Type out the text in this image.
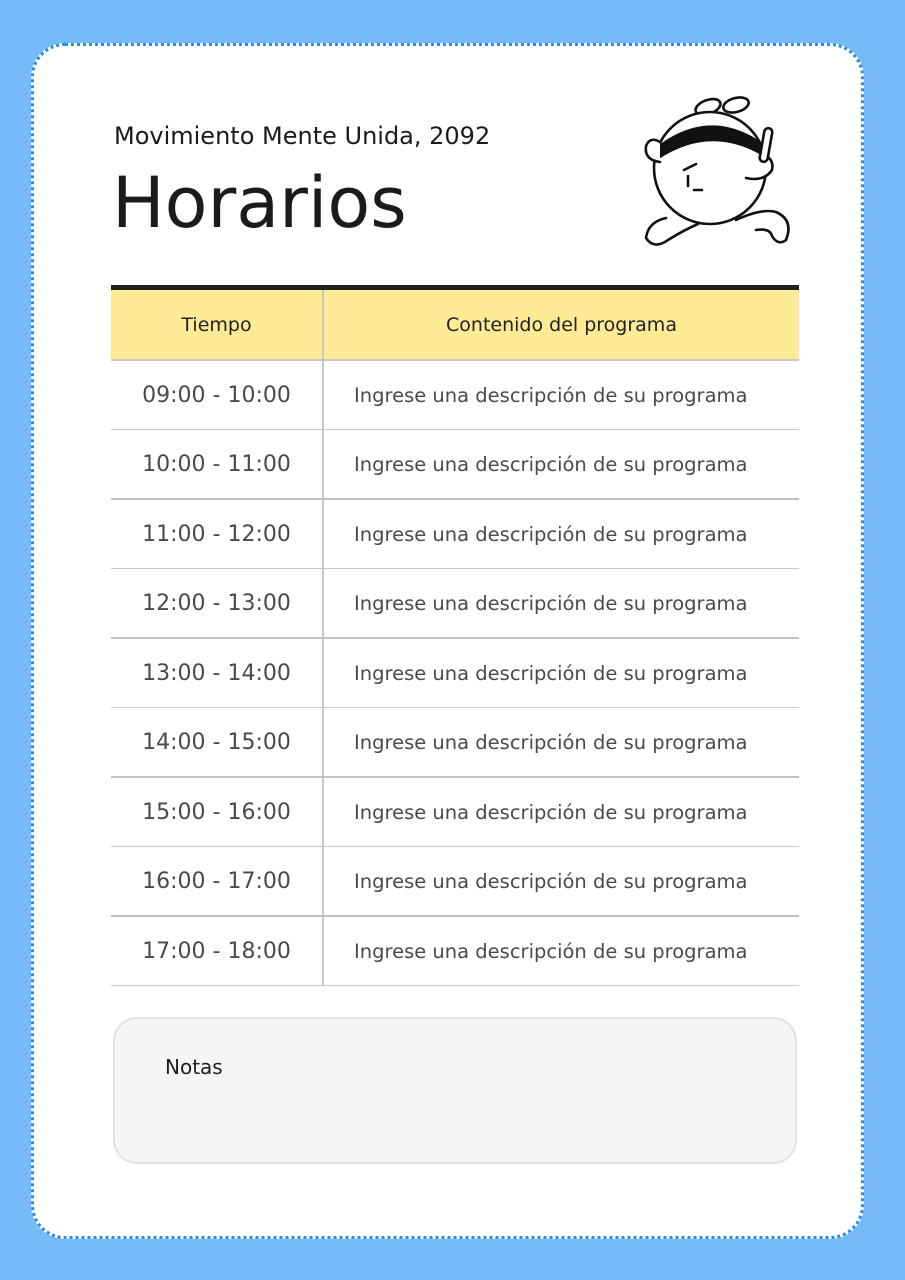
Movimiento Mente Unida, 2092
Horarios
Tiempo	Contenido del programa
09:00 - 10:00	Ingrese una descripción de su programa
10:00 - 11:00	Ingrese una descripción de su programa
11:00 - 12:00	Ingrese una descripción de su programa
12:00 - 13:00	Ingrese una descripción de su programa
13:00 - 14:00	Ingrese una descripción de su programa
14:00 - 15:00	Ingrese una descripción de su programa
15:00 - 16:00	Ingrese una descripción de su programa
16:00 - 17:00	Ingrese una descripción de su programa
17:00 - 18:00	Ingrese una descripción de su programa
Notas
